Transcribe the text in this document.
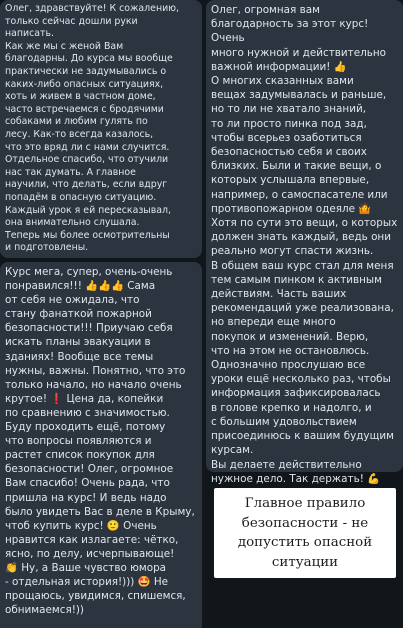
Олег, здравствуйте! К сожалению,
только сейчас дошли руки
написать.
Как же мы с женой Вам
благодарны. До курса мы вообще
практически не задумывались о
каких-либо опасных ситуациях,
хоть и живем в частном доме,
часто встречаемся с бродячими
собаками и любим гулять по
лесу. Как-то всегда казалось,
что это вряд ли с нами случится.
Отдельное спасибо, что отучили
нас так думать. А главное
научили, что делать, если вдруг
попадём в опасную ситуацию.
Каждый урок я ей пересказывал,
она внимательно слушала.
Теперь мы более осмотрительны
и подготовлены.
Курс мега, супер, очень-очень
понравился!!! 👍👍👍 Сама
от себя не ожидала, что
стану фанаткой пожарной
безопасности!!! Приучаю себя
искать планы эвакуации в
зданиях! Вообще все темы
нужны, важны. Понятно, что это
только начало, но начало очень
крутое! ❗ Цена да, копейки
по сравнению с значимостью.
Буду проходить ещё, потому
что вопросы появляются и
растет список покупок для
безопасности! Олег, огромное
Вам спасибо! Очень рада, что
пришла на курс! И ведь надо
было увидеть Вас в деле в Крыму,
чтоб купить курс! 🙂 Очень
нравится как излагаете: чётко,
ясно, по делу, исчерпывающе!
👏 Ну, а Ваше чувство юмора
- отдельная история!))) 🤩 Не
прощаюсь, увидимся, спишемся,
обнимаемся!))
Олег, огромная вам
благодарность за этот курс! Очень
много нужной и действительно
важной информации! 👍
О многих сказанных вами
вещах задумывалась и раньше,
но то ли не хватало знаний,
то ли просто пинка под зад,
чтобы всерьез озаботиться
безопасностью себя и своих
близких. Были и такие вещи, о
которых услышала впервые,
например, о самоспасателе или
противопожарном одеяле 🤷
Хотя по сути это вещи, о которых
должен знать каждый, ведь они
реально могут спасти жизнь.
В общем ваш курс стал для меня
тем самым пинком к активным
действиям. Часть ваших
рекомендаций уже реализована,
но впереди еще много
покупок и изменений. Верю,
что на этом не остановлюсь.
Однозначно прослушаю все
уроки ещё несколько раз, чтобы
информация зафиксировалась
в голове крепко и надолго, и
с большим удовольствием
присоединюсь к вашим будущим
курсам.
Вы делаете действительно
нужное дело. Так держать! 💪
Главное правило
безопасности - не
допустить опасной
ситуации
